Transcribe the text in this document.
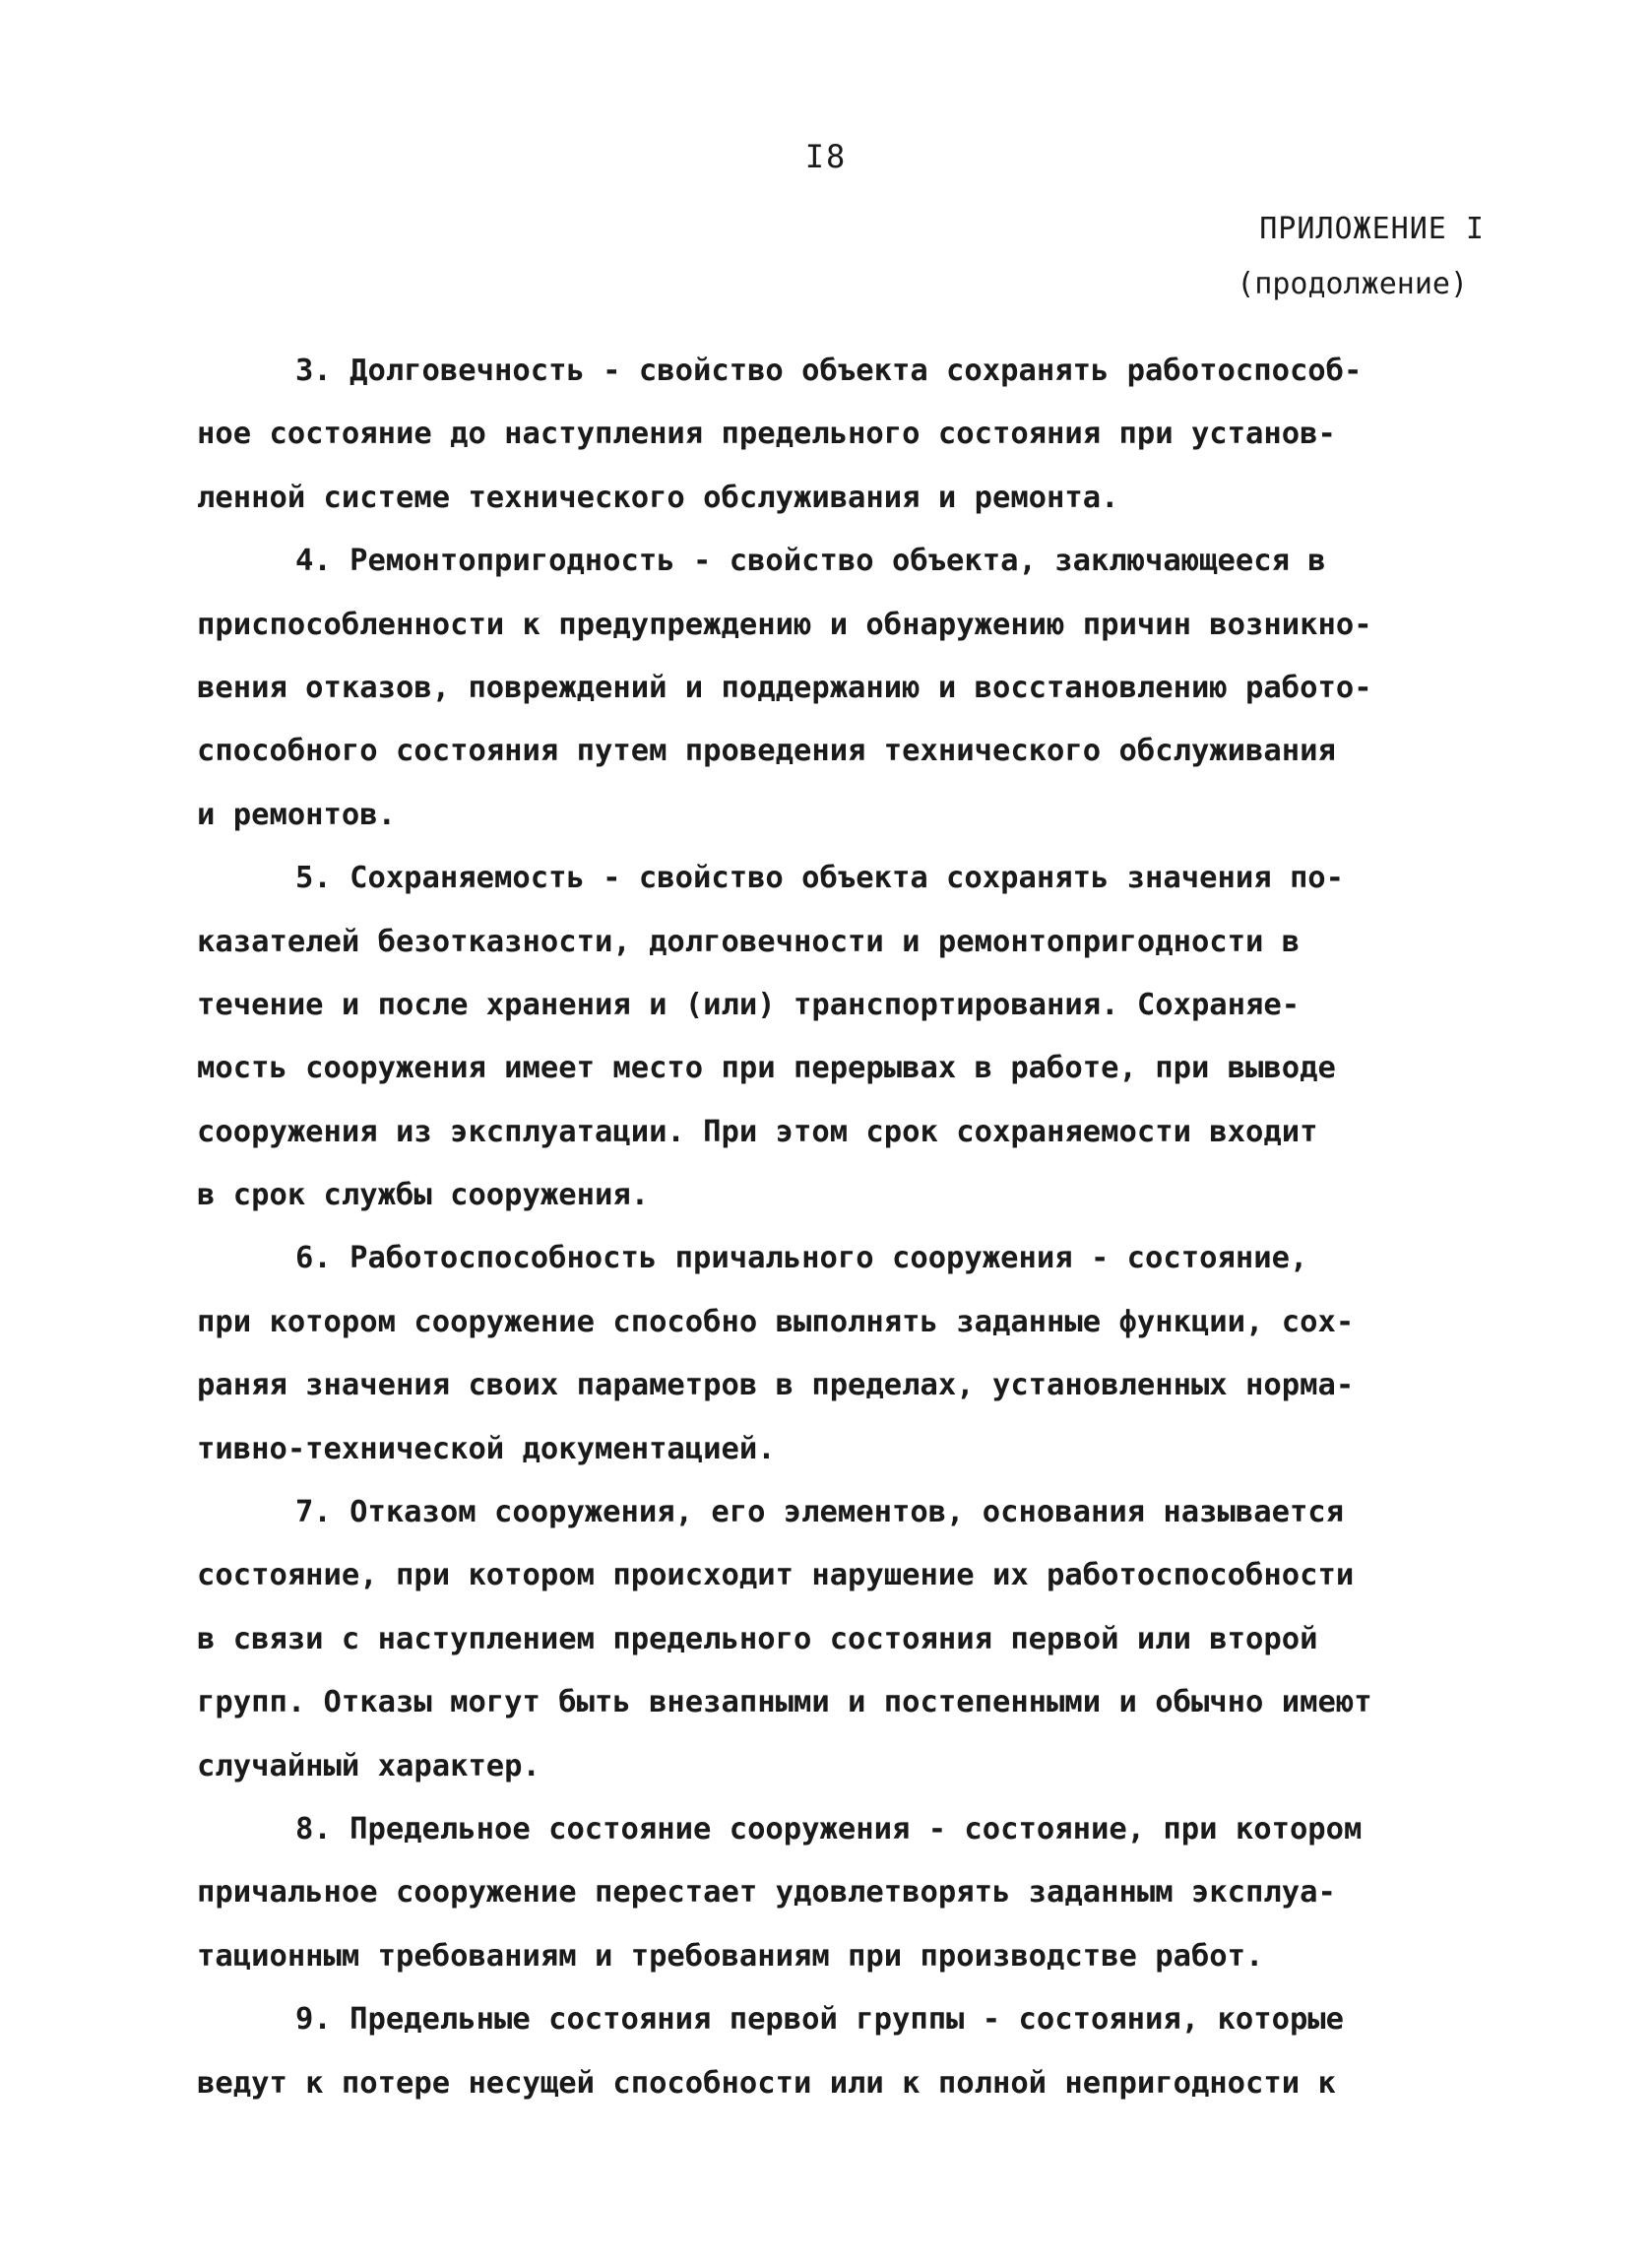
I8
ПРИЛОЖЕНИЕ I
(продолжение)
3. Долговечность - свойство объекта сохранять работоспособ-
ное состояние до наступления предельного состояния при установ-
ленной системе технического обслуживания и ремонта.
4. Ремонтопригодность - свойство объекта, заключающееся в
приспособленности к предупреждению и обнаружению причин возникно-
вения отказов, повреждений и поддержанию и восстановлению работо-
способного состояния путем проведения технического обслуживания
и ремонтов.
5. Сохраняемость - свойство объекта сохранять значения по-
казателей безотказности, долговечности и ремонтопригодности в
течение и после хранения и (или) транспортирования. Сохраняе-
мость сооружения имеет место при перерывах в работе, при выводе
сооружения из эксплуатации. При этом срок сохраняемости входит
в срок службы сооружения.
6. Работоспособность причального сооружения - состояние,
при котором сооружение способно выполнять заданные функции, сох-
раняя значения своих параметров в пределах, установленных норма-
тивно-технической документацией.
7. Отказом сооружения, его элементов, основания называется
состояние, при котором происходит нарушение их работоспособности
в связи с наступлением предельного состояния первой или второй
групп. Отказы могут быть внезапными и постепенными и обычно имеют
случайный характер.
8. Предельное состояние сооружения - состояние, при котором
причальное сооружение перестает удовлетворять заданным эксплуа-
тационным требованиям и требованиям при производстве работ.
9. Предельные состояния первой группы - состояния, которые
ведут к потере несущей способности или к полной непригодности к
